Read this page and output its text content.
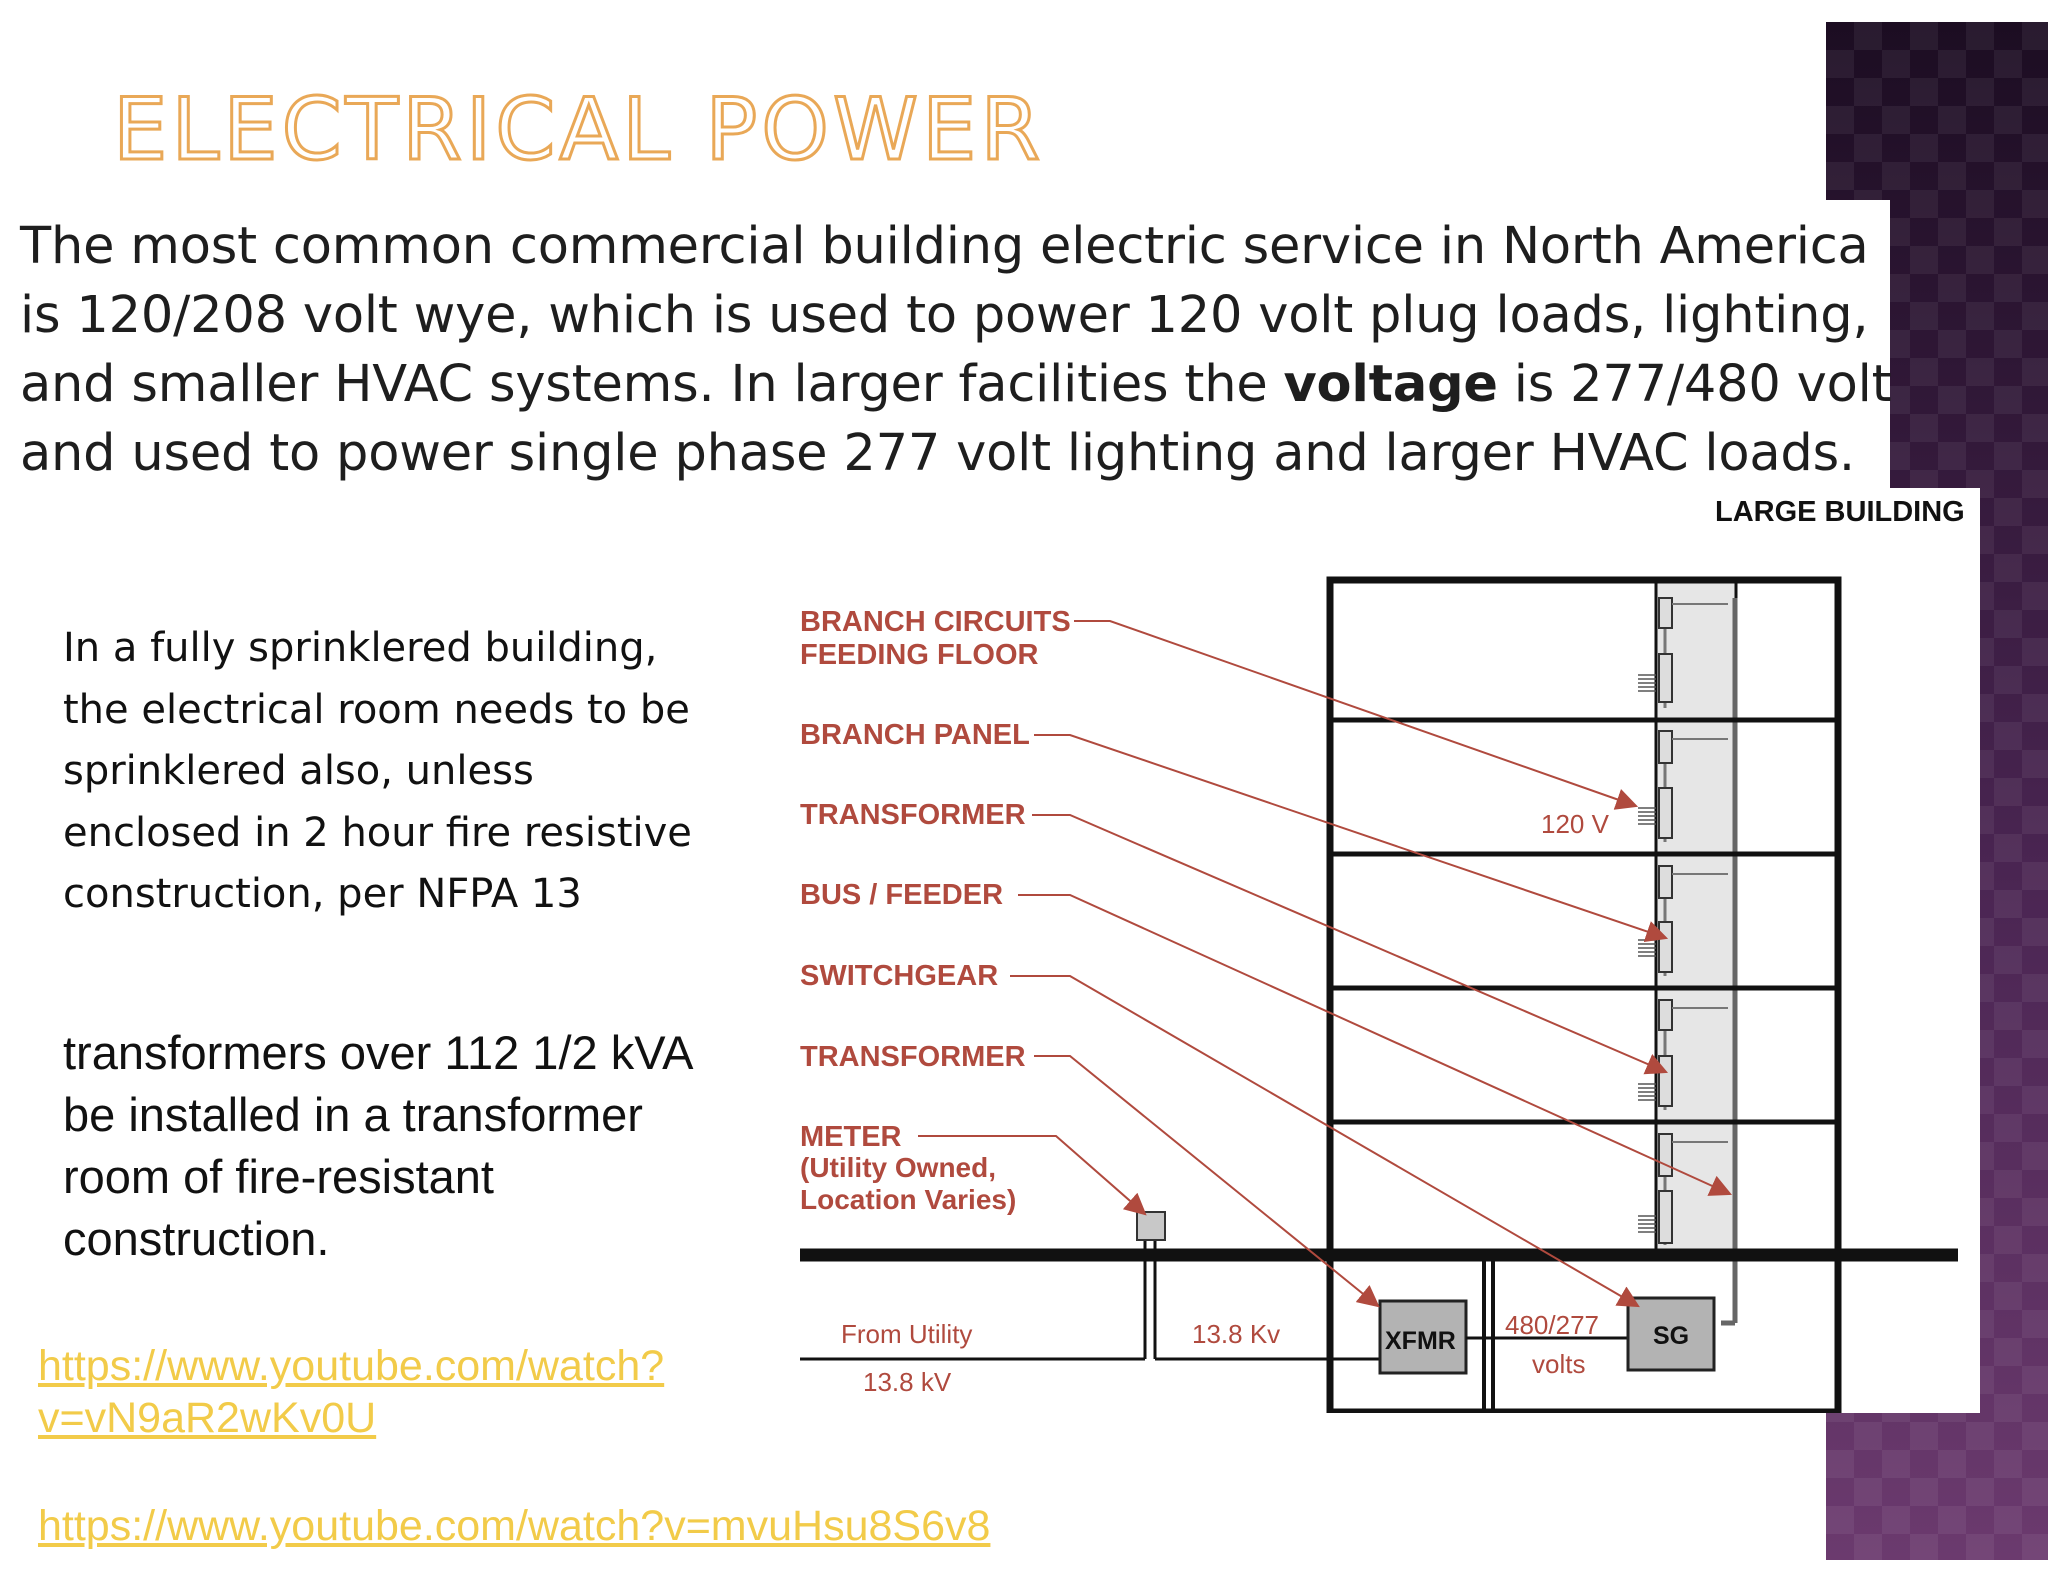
ELECTRICAL POWER

The most common commercial building electric service in North America is 120/208 volt wye, which is used to power 120 volt plug loads, lighting, and smaller HVAC systems. In larger facilities the voltage is 277/480 volt and used to power single phase 277 volt lighting and larger HVAC loads.

In a fully sprinklered building, the electrical room needs to be sprinklered also, unless enclosed in 2 hour fire resistive construction, per NFPA 13

transformers over 112 1/2 kVA be installed in a transformer room of fire-resistant construction.

https://www.youtube.com/watch?v=vN9aR2wKv0U
https://www.youtube.com/watch?v=mvuHsu8S6v8
LARGE BUILDING
XFMR	SG
120 V
From Utility
13.8 kV
13.8 Kv	480/277
volts
BRANCH CIRCUITS
FEEDING FLOOR
BRANCH PANEL
TRANSFORMER
BUS / FEEDER
SWITCHGEAR
TRANSFORMER
METER
(Utility Owned,
Location Varies)
